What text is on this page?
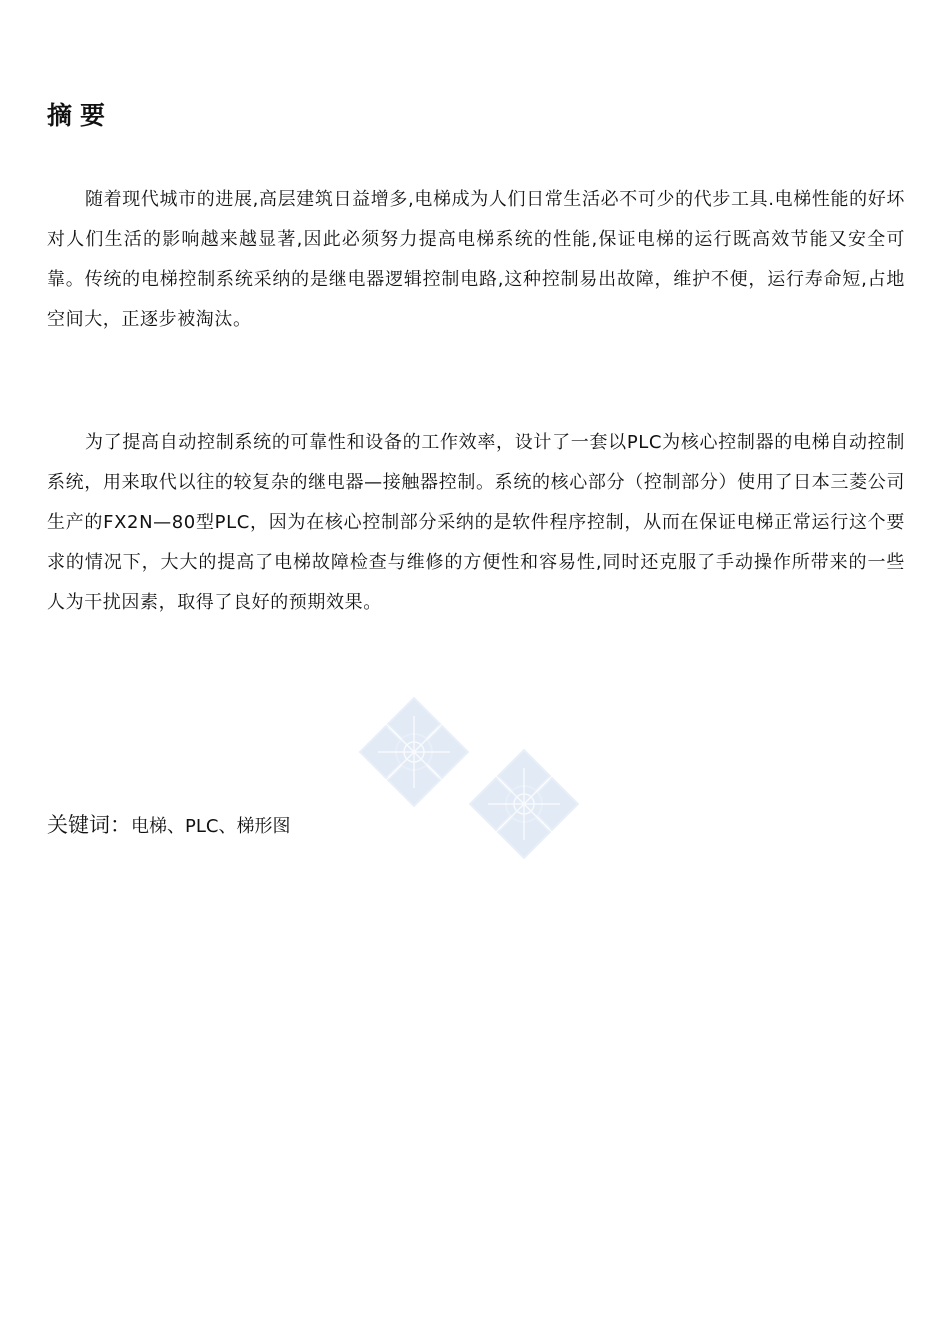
摘要

随着现代城市的进展,高层建筑日益增多,电梯成为人们日常生活必不可少的代步工具.电梯性能的好坏对人们生活的影响越来越显著,因此必须努力提高电梯系统的性能,保证电梯的运行既高效节能又安全可靠。传统的电梯控制系统采纳的是继电器逻辑控制电路,这种控制易出故障，维护不便，运行寿命短,占地空间大，正逐步被淘汰。

为了提高自动控制系统的可靠性和设备的工作效率，设计了一套以PLC为核心控制器的电梯自动控制系统，用来取代以往的较复杂的继电器—接触器控制。系统的核心部分（控制部分）使用了日本三菱公司生产的FX2N—80型PLC，因为在核心控制部分采纳的是软件程序控制，从而在保证电梯正常运行这个要求的情况下，大大的提高了电梯故障检查与维修的方便性和容易性,同时还克服了手动操作所带来的一些人为干扰因素，取得了良好的预期效果。

关键词：电梯、PLC、梯形图
